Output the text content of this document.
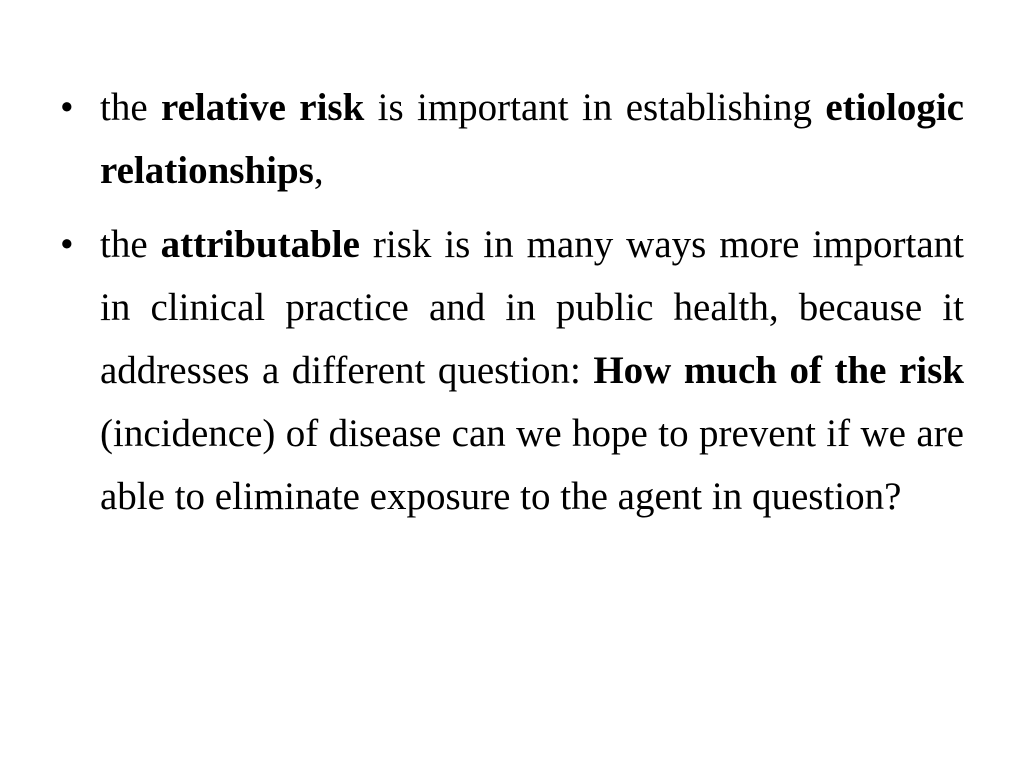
• the relative risk is important in establishing etiologic relationships,
• the attributable risk is in many ways more important in clinical practice and in public health, because it addresses a different question: How much of the risk (incidence) of disease can we hope to prevent if we are able to eliminate exposure to the agent in question?
